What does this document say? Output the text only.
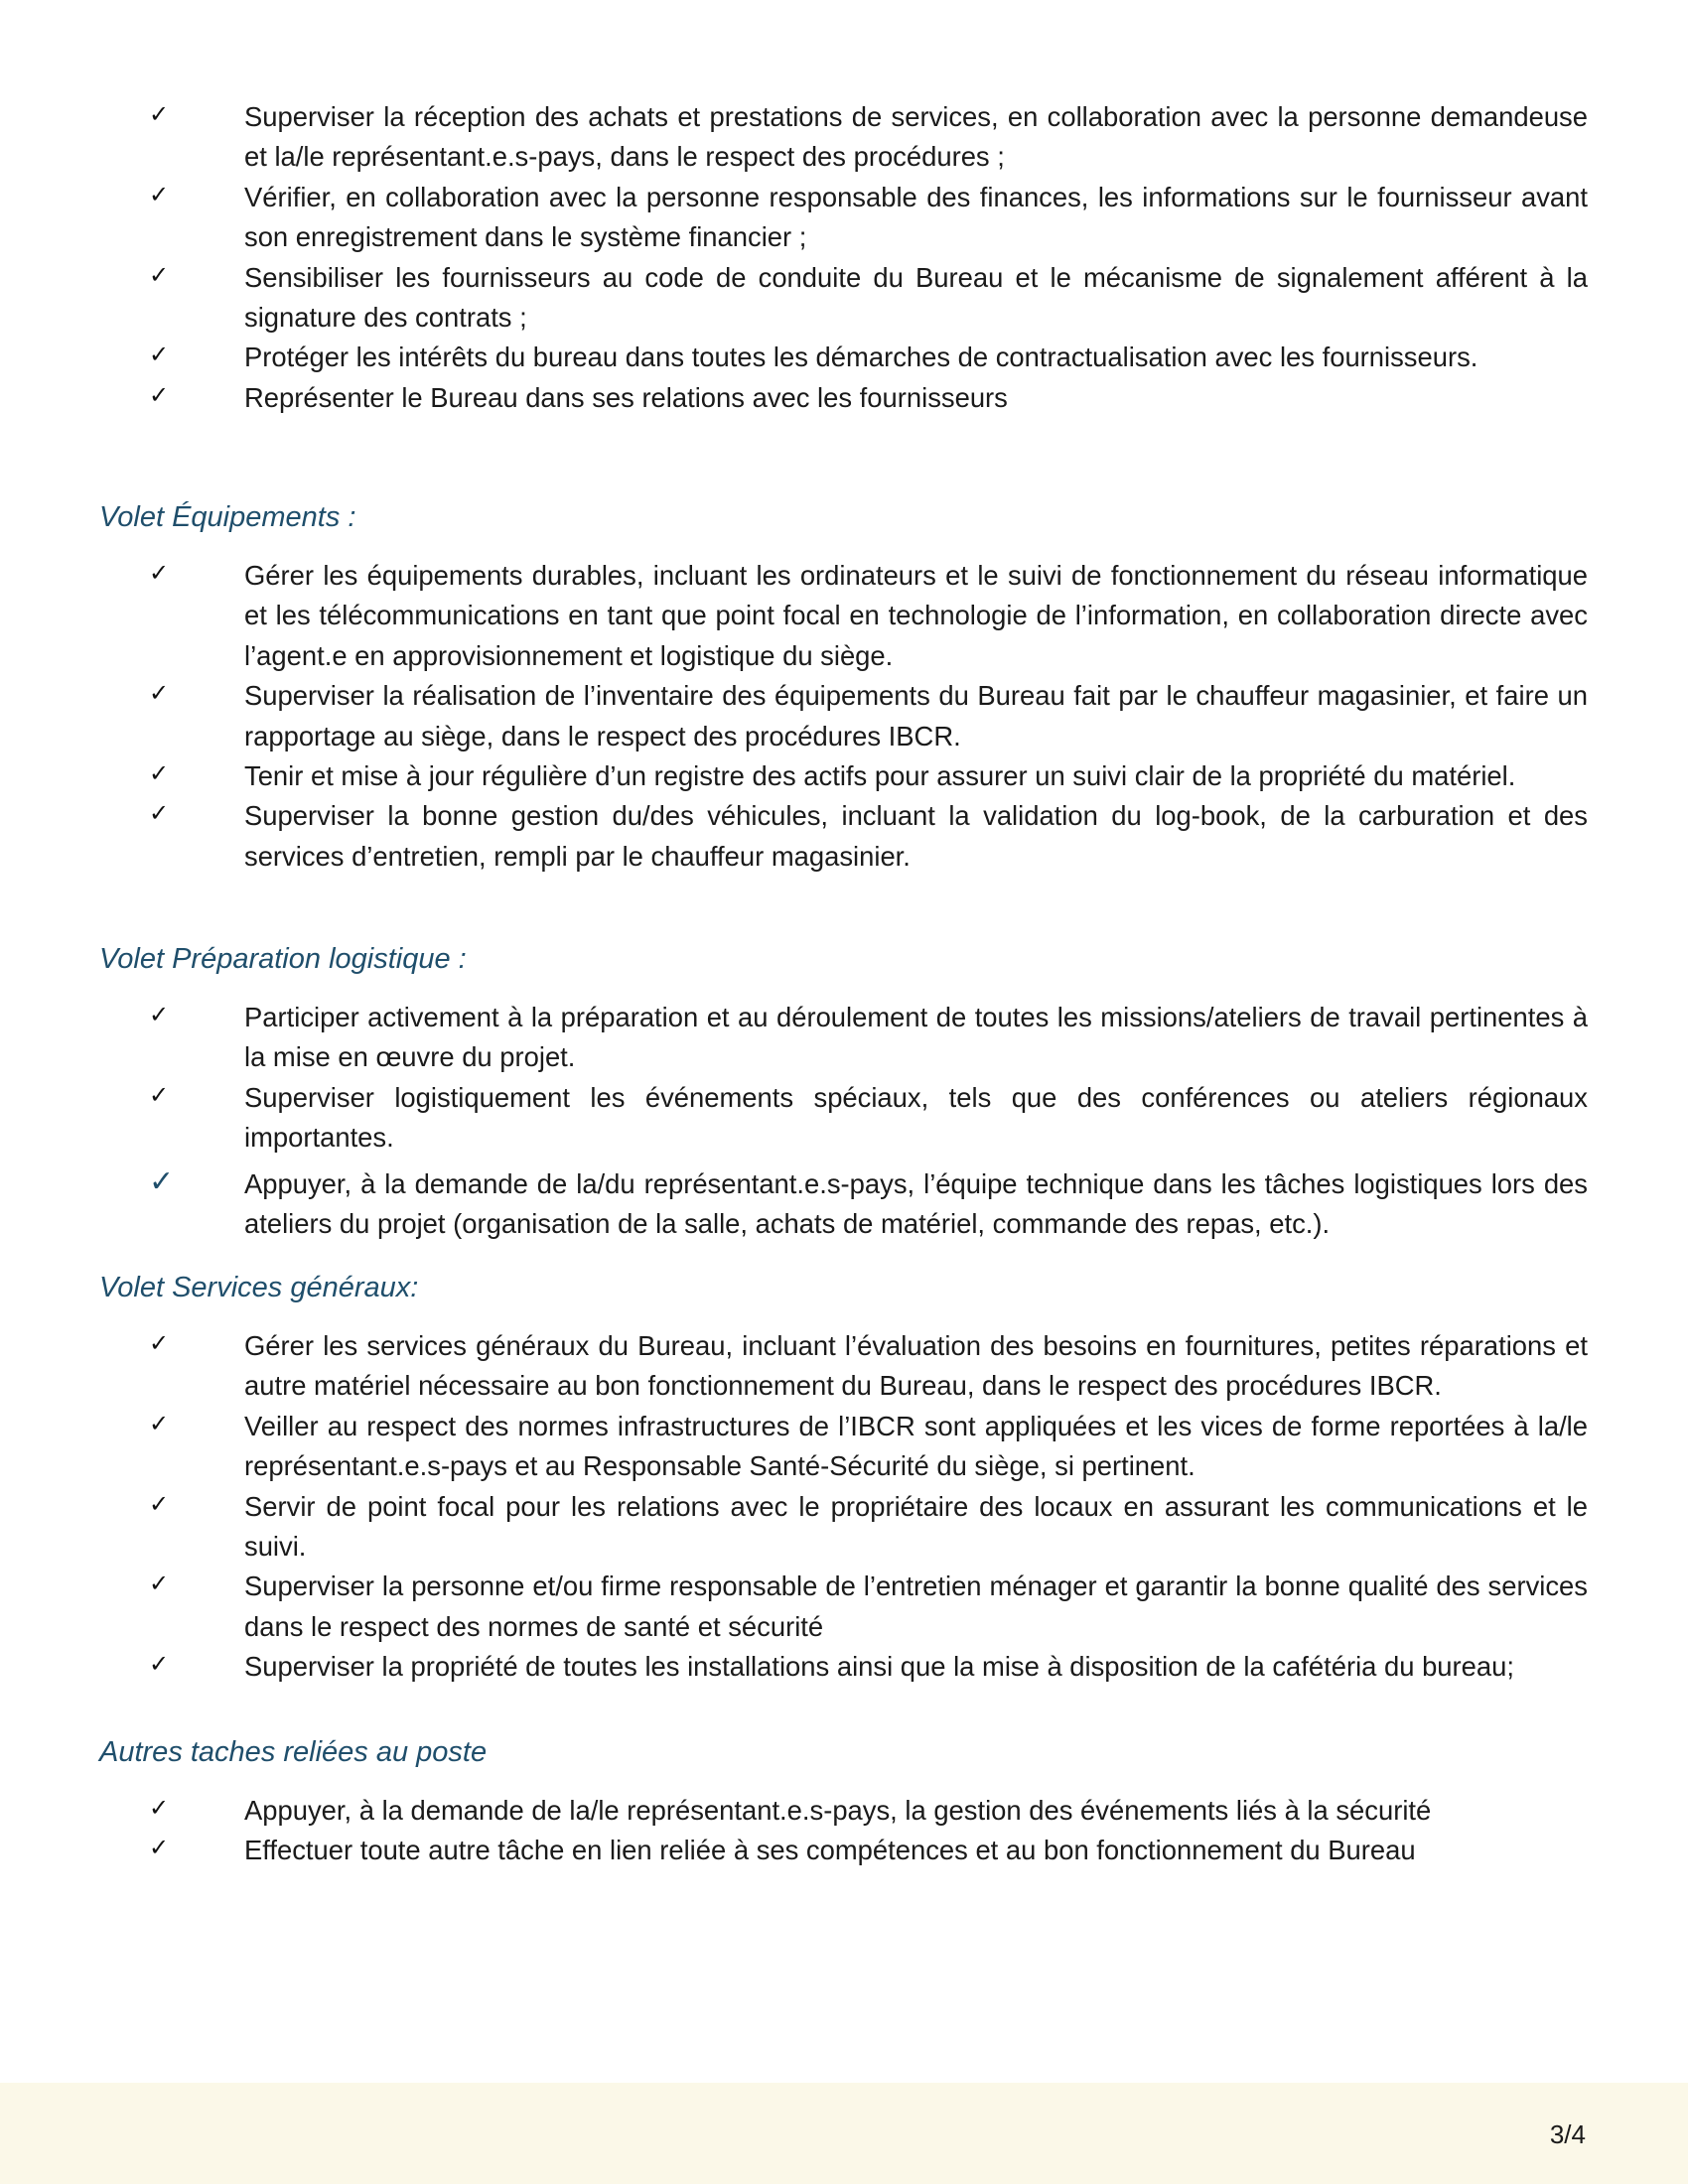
✓	Superviser la réception des achats et prestations de services, en collaboration avec la personne demandeuse et la/le représentant.e.s-pays, dans le respect des procédures ;
✓	Vérifier, en collaboration avec la personne responsable des finances, les informations sur le fournisseur avant son enregistrement dans le système financier ;
✓	Sensibiliser les fournisseurs au code de conduite du Bureau et le mécanisme de signalement afférent à la signature des contrats ;
✓	Protéger les intérêts du bureau dans toutes les démarches de contractualisation avec les fournisseurs.
✓	Représenter le Bureau dans ses relations avec les fournisseurs
Volet Équipements :
✓	Gérer les équipements durables, incluant les ordinateurs et le suivi de fonctionnement du réseau informatique et les télécommunications en tant que point focal en technologie de l’information, en collaboration directe avec l’agent.e en approvisionnement et logistique du siège.
✓	Superviser la réalisation de l’inventaire des équipements du Bureau fait par le chauffeur magasinier, et faire un rapportage au siège, dans le respect des procédures IBCR.
✓	Tenir et mise à jour régulière d’un registre des actifs pour assurer un suivi clair de la propriété du matériel.
✓	Superviser la bonne gestion du/des véhicules, incluant la validation du log-book, de la carburation et des services d’entretien, rempli par le chauffeur magasinier.
Volet Préparation logistique :
✓	Participer activement à la préparation et au déroulement de toutes les missions/ateliers de travail pertinentes à la mise en œuvre du projet.
✓	Superviser logistiquement les événements spéciaux, tels que des conférences ou ateliers régionaux importantes.
✓	Appuyer, à la demande de la/du représentant.e.s-pays, l’équipe technique dans les tâches logistiques lors des ateliers du projet (organisation de la salle, achats de matériel, commande des repas, etc.).
Volet Services généraux:
✓	Gérer les services généraux du Bureau, incluant l’évaluation des besoins en fournitures, petites réparations et autre matériel nécessaire au bon fonctionnement du Bureau, dans le respect des procédures IBCR.
✓	Veiller au respect des normes infrastructures de l’IBCR sont appliquées et les vices de forme reportées à la/le représentant.e.s-pays et au Responsable Santé-Sécurité du siège, si pertinent.
✓	Servir de point focal pour les relations avec le propriétaire des locaux en assurant les communications et le suivi.
✓	Superviser la personne et/ou firme responsable de l’entretien ménager et garantir la bonne qualité des services dans le respect des normes de santé et sécurité
✓	Superviser la propriété de toutes les installations ainsi que la mise à disposition de la cafétéria du bureau;
Autres taches reliées au poste
✓	Appuyer, à la demande de la/le représentant.e.s-pays, la gestion des événements liés à la sécurité
✓	Effectuer toute autre tâche en lien reliée à ses compétences et au bon fonctionnement du Bureau
3/4
